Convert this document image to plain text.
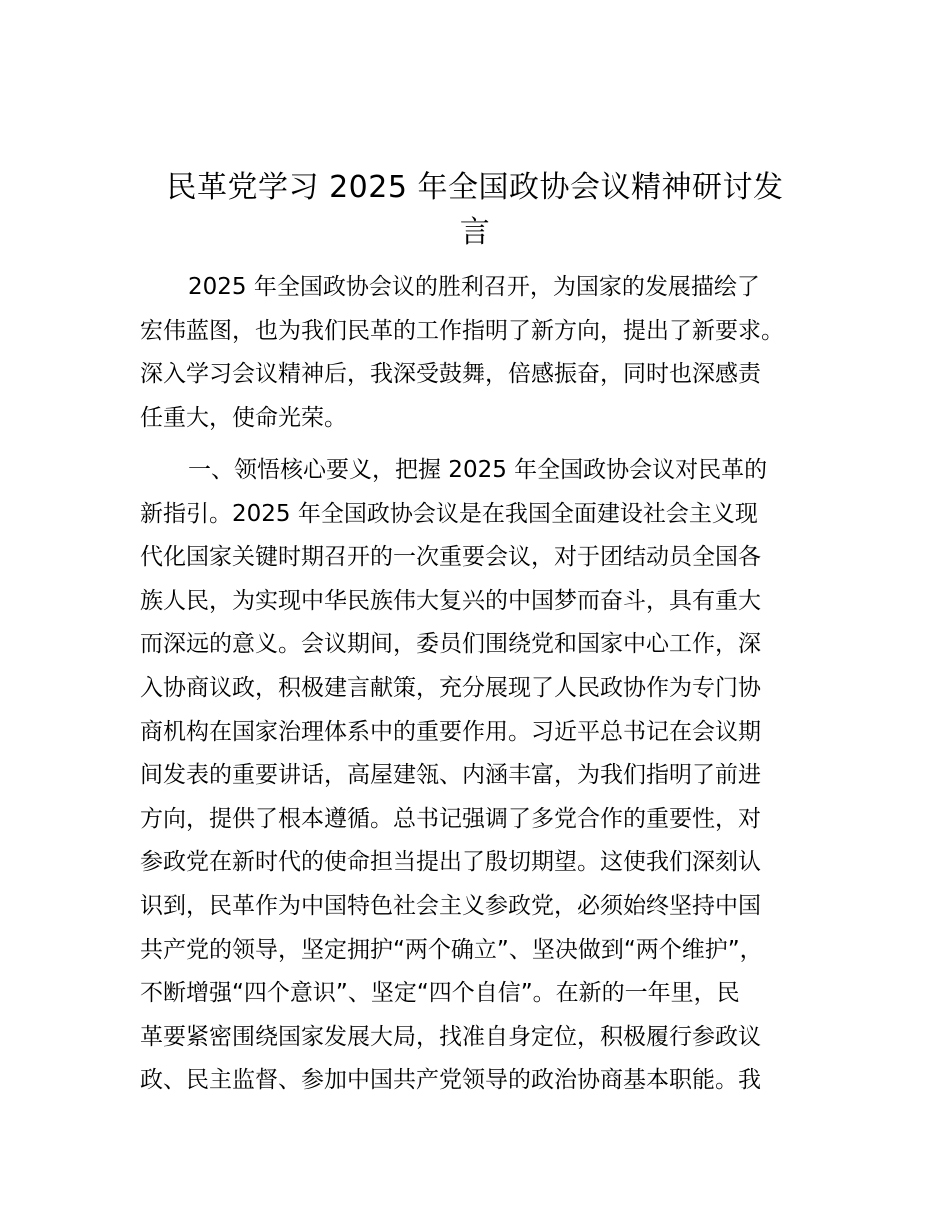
民革党学习 2025 年全国政协会议精神研讨发
言
2025 年全国政协会议的胜利召开，为国家的发展描绘了
宏伟蓝图，也为我们民革的工作指明了新方向，提出了新要求。
深入学习会议精神后，我深受鼓舞，倍感振奋，同时也深感责
任重大，使命光荣。
一、领悟核心要义，把握 2025 年全国政协会议对民革的
新指引。2025 年全国政协会议是在我国全面建设社会主义现
代化国家关键时期召开的一次重要会议，对于团结动员全国各
族人民，为实现中华民族伟大复兴的中国梦而奋斗，具有重大
而深远的意义。会议期间，委员们围绕党和国家中心工作，深
入协商议政，积极建言献策，充分展现了人民政协作为专门协
商机构在国家治理体系中的重要作用。习近平总书记在会议期
间发表的重要讲话，高屋建瓴、内涵丰富，为我们指明了前进
方向，提供了根本遵循。总书记强调了多党合作的重要性，对
参政党在新时代的使命担当提出了殷切期望。这使我们深刻认
识到，民革作为中国特色社会主义参政党，必须始终坚持中国
共产党的领导，坚定拥护“两个确立”、坚决做到“两个维护”，
不断增强“四个意识”、坚定“四个自信”。在新的一年里，民
革要紧密围绕国家发展大局，找准自身定位，积极履行参政议
政、民主监督、参加中国共产党领导的政治协商基本职能。我
